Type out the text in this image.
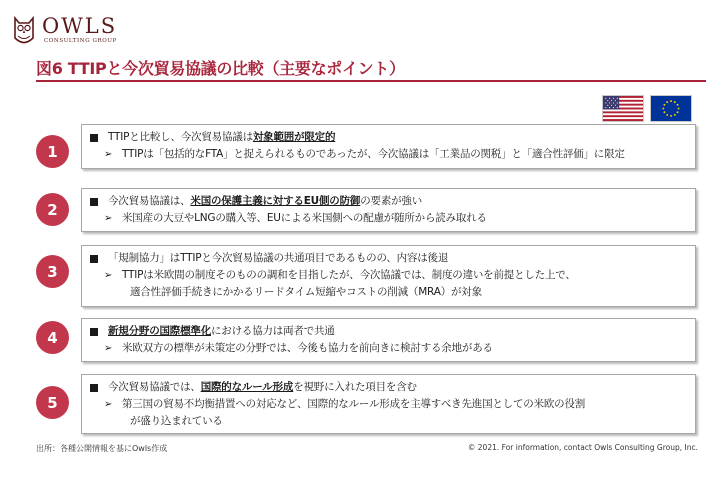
OWLS
CONSULTING GROUP
図6 TTIPと今次貿易協議の比較（主要なポイント）
1
TTIPと比較し、今次貿易協議は対象範囲が限定的
➢ TTIPは「包括的なFTA」と捉えられるものであったが、今次協議は「工業品の関税」と「適合性評価」に限定
2	今次貿易協議は、米国の保護主義に対するEU側の防御の要素が強い
➢ 米国産の大豆やLNGの購入等、EUによる米国側への配慮が随所から読み取れる
3
「規制協力」はTTIPと今次貿易協議の共通項目であるものの、内容は後退
➢ TTIPは米欧間の制度そのものの調和を目指したが、今次協議では、制度の違いを前提とした上で、
適合性評価手続きにかかるリードタイム短縮やコストの削減（MRA）が対象
4	新規分野の国際標準化における協力は両者で共通
➢ 米欧双方の標準が未策定の分野では、今後も協力を前向きに検討する余地がある
5
今次貿易協議では、国際的なルール形成を視野に入れた項目を含む
➢ 第三国の貿易不均衡措置への対応など、国際的なルール形成を主導すべき先進国としての米欧の役割
が盛り込まれている
出所：各種公開情報を基にOwls作成	© 2021. For information, contact Owls Consulting Group, Inc.
